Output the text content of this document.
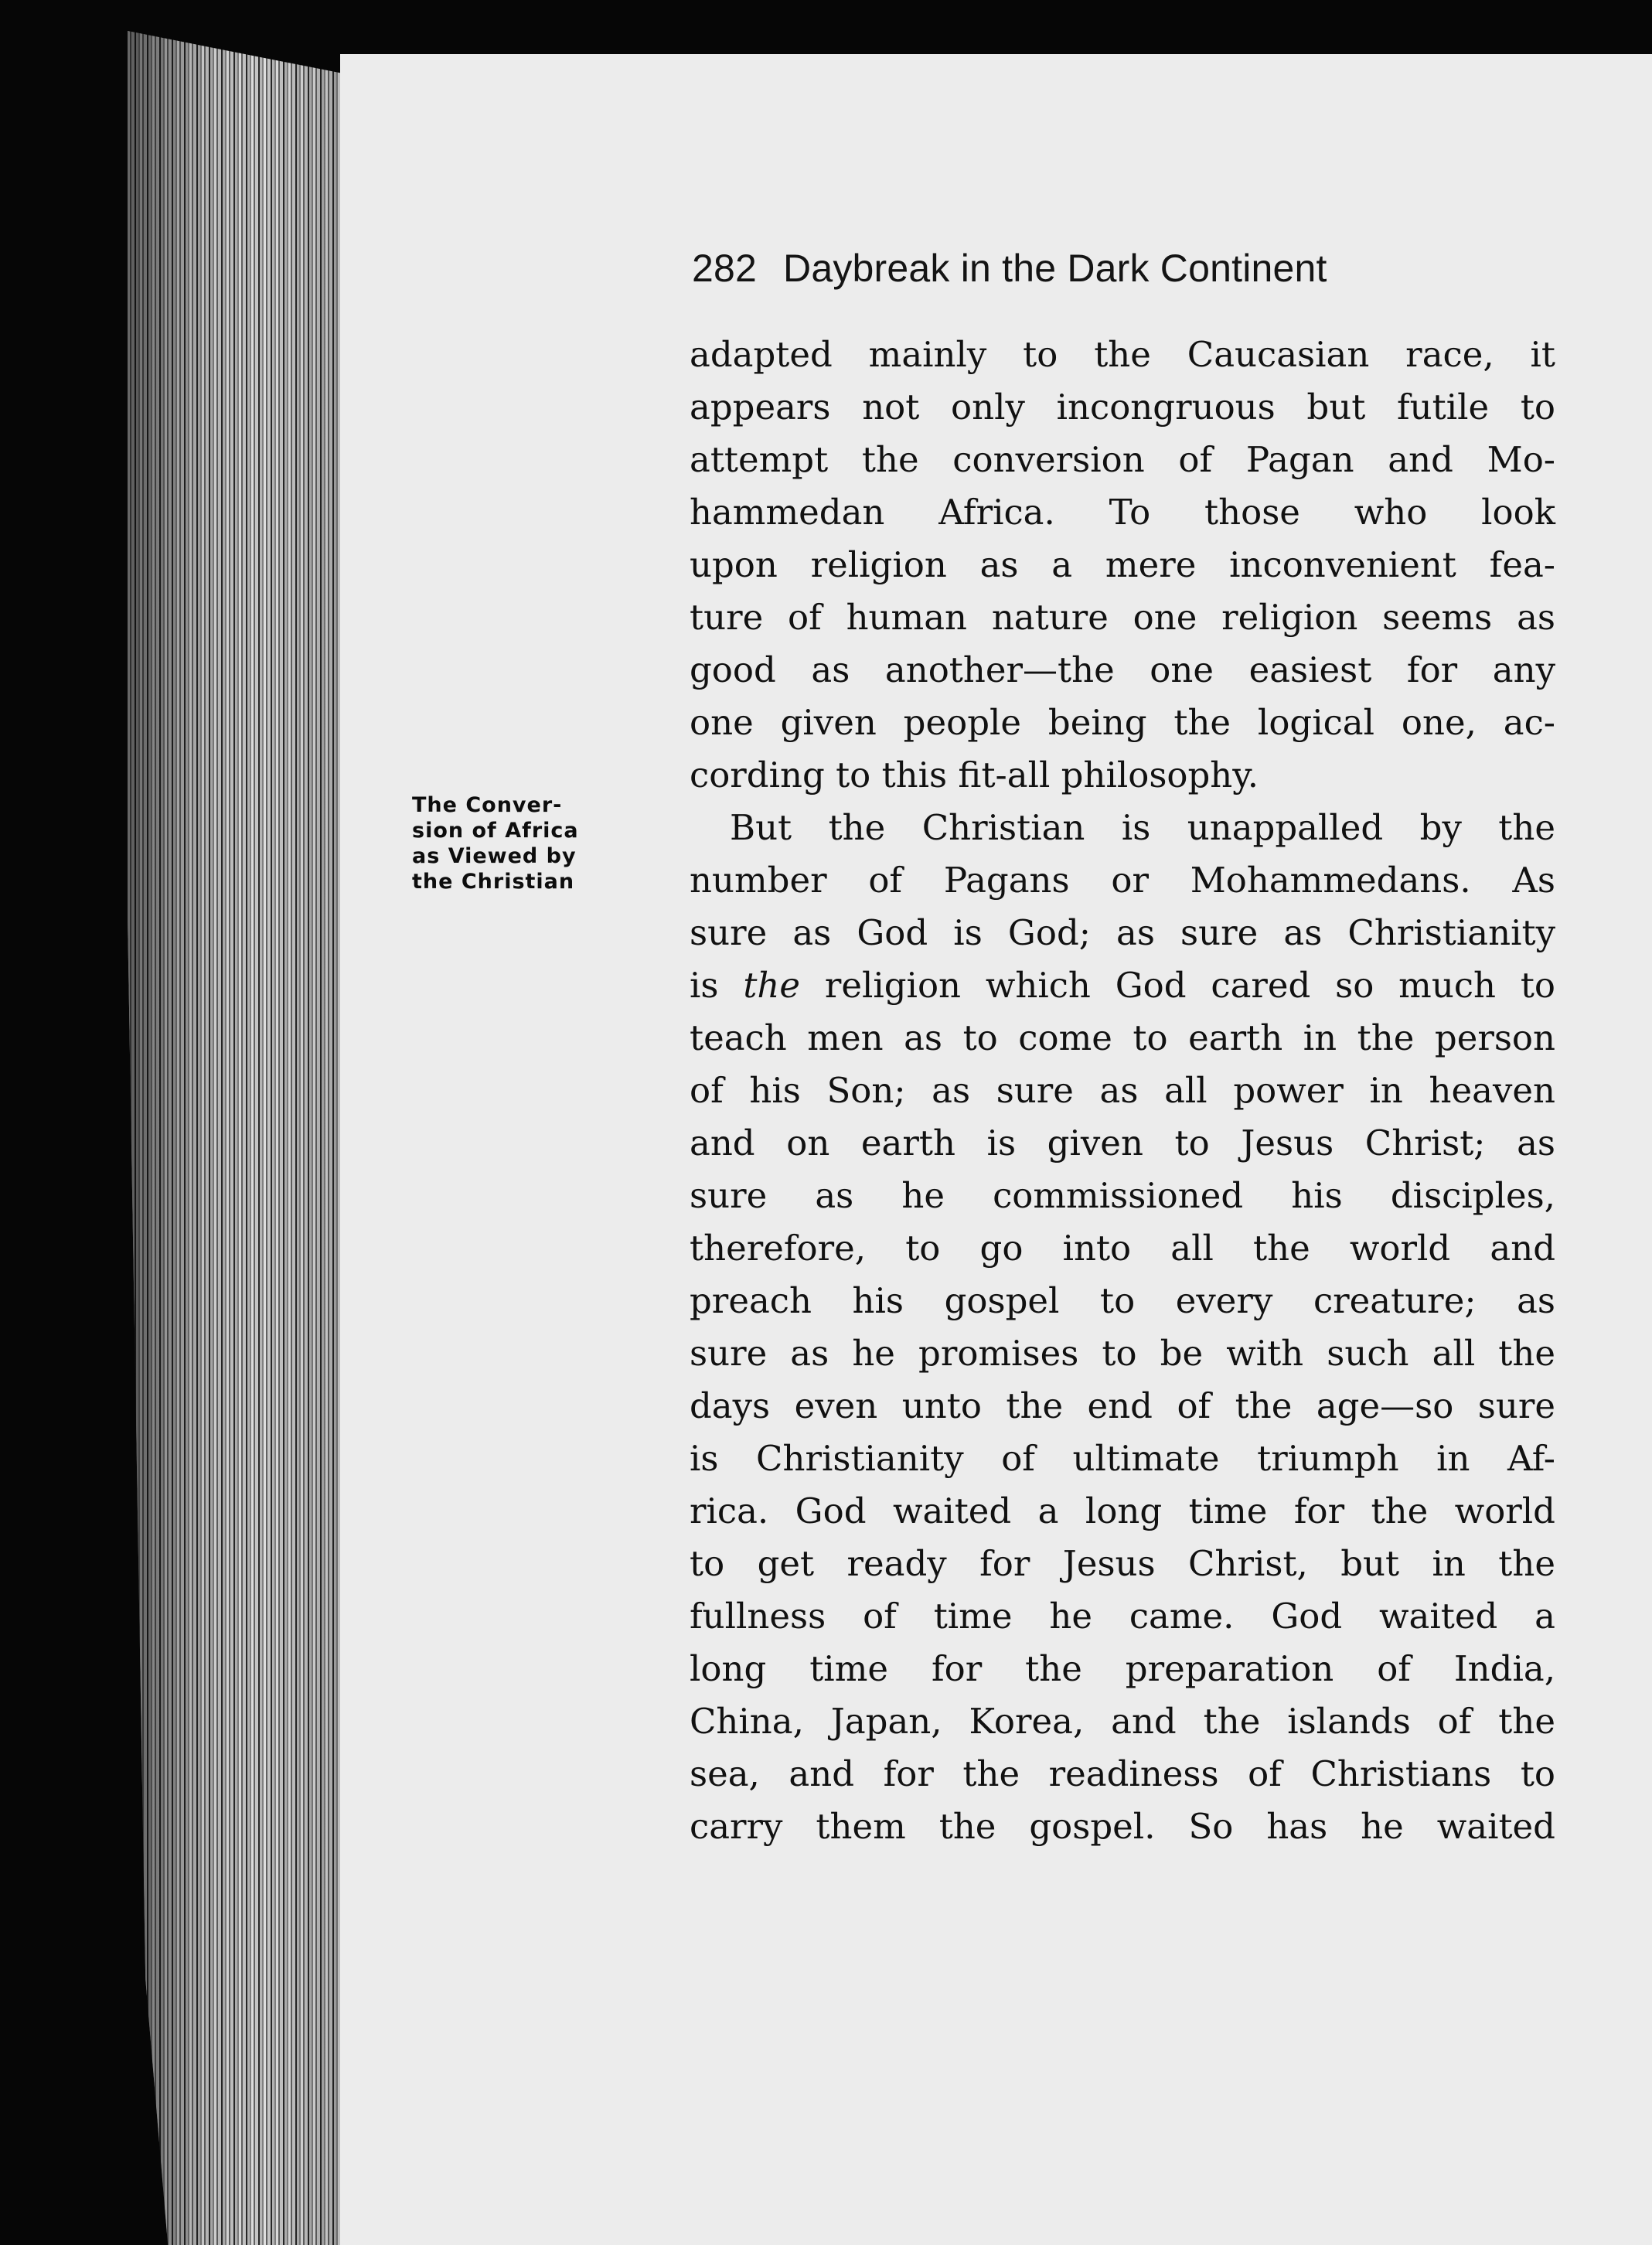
282 Daybreak in the Dark Continent
The Conver-
sion of Africa
as Viewed by
the Christian
adapted mainly to the Caucasian race, it
appears not only incongruous but futile to
attempt the conversion of Pagan and Mo-
hammedan Africa. To those who look
upon religion as a mere inconvenient fea-
ture of human nature one religion seems as
good as another—the one easiest for any
one given people being the logical one, ac-
cording to this fit-all philosophy.
But the Christian is unappalled by the
number of Pagans or Mohammedans. As
sure as God is God; as sure as Christianity
is the religion which God cared so much to
teach men as to come to earth in the person
of his Son; as sure as all power in heaven
and on earth is given to Jesus Christ; as
sure as he commissioned his disciples,
therefore, to go into all the world and
preach his gospel to every creature; as
sure as he promises to be with such all the
days even unto the end of the age—so sure
is Christianity of ultimate triumph in Af-
rica. God waited a long time for the world
to get ready for Jesus Christ, but in the
fullness of time he came. God waited a
long time for the preparation of India,
China, Japan, Korea, and the islands of the
sea, and for the readiness of Christians to
carry them the gospel. So has he waited
